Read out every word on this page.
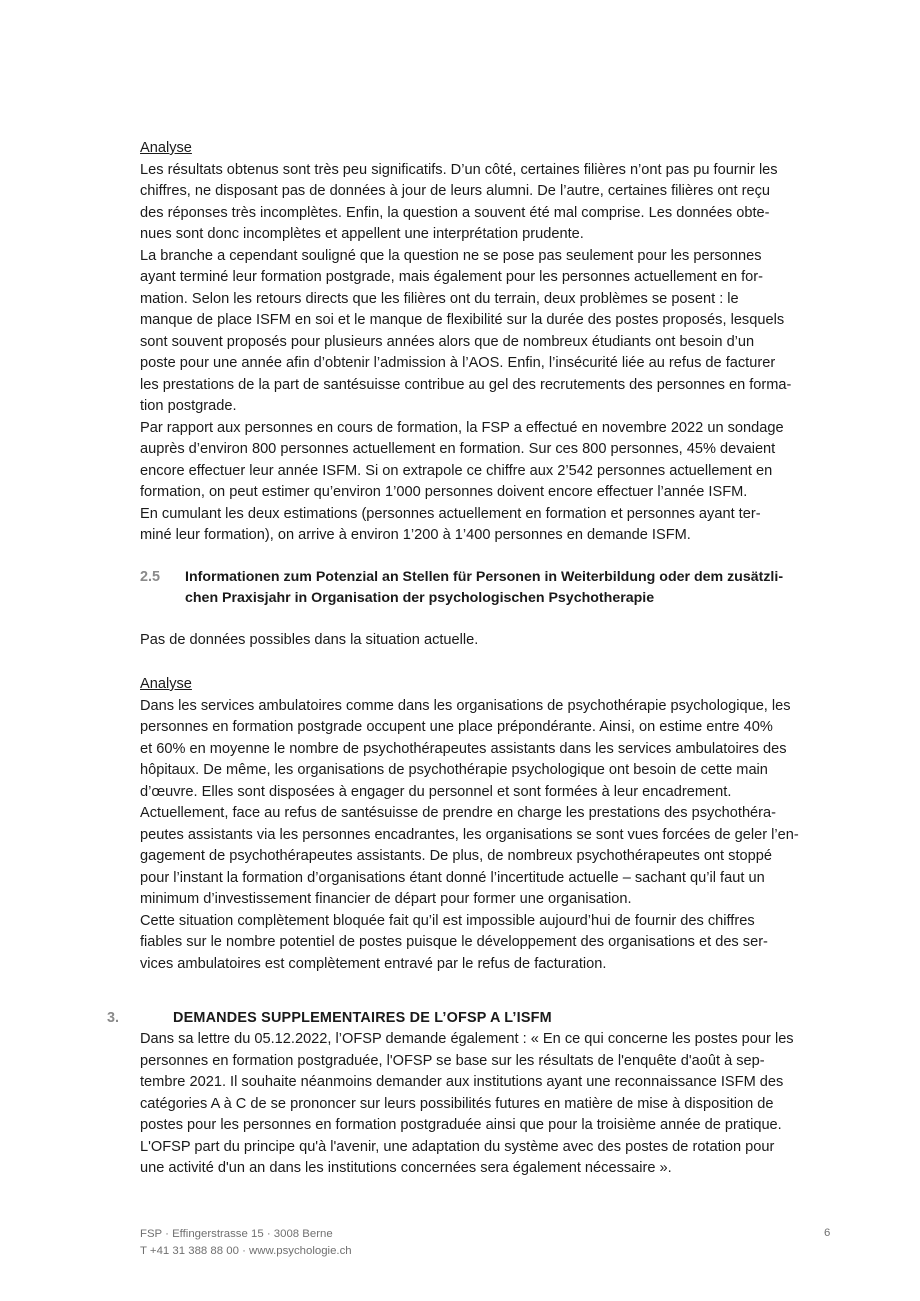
Analyse
Les résultats obtenus sont très peu significatifs. D’un côté, certaines filières n’ont pas pu fournir les
chiffres, ne disposant pas de données à jour de leurs alumni. De l’autre, certaines filières ont reçu
des réponses très incomplètes. Enfin, la question a souvent été mal comprise. Les données obte-
nues sont donc incomplètes et appellent une interprétation prudente.
La branche a cependant souligné que la question ne se pose pas seulement pour les personnes
ayant terminé leur formation postgrade, mais également pour les personnes actuellement en for-
mation. Selon les retours directs que les filières ont du terrain, deux problèmes se posent : le
manque de place ISFM en soi et le manque de flexibilité sur la durée des postes proposés, lesquels
sont souvent proposés pour plusieurs années alors que de nombreux étudiants ont besoin d’un
poste pour une année afin d’obtenir l’admission à l’AOS. Enfin, l’insécurité liée au refus de facturer
les prestations de la part de santésuisse contribue au gel des recrutements des personnes en forma-
tion postgrade.
Par rapport aux personnes en cours de formation, la FSP a effectué en novembre 2022 un sondage
auprès d’environ 800 personnes actuellement en formation. Sur ces 800 personnes, 45% devaient
encore effectuer leur année ISFM. Si on extrapole ce chiffre aux 2’542 personnes actuellement en
formation, on peut estimer qu’environ 1’000 personnes doivent encore effectuer l’année ISFM.
En cumulant les deux estimations (personnes actuellement en formation et personnes ayant ter-
miné leur formation), on arrive à environ 1’200 à 1’400 personnes en demande ISFM.
2.5	Informationen zum Potenzial an Stellen für Personen in Weiterbildung oder dem zusätzli-
chen Praxisjahr in Organisation der psychologischen Psychotherapie
Pas de données possibles dans la situation actuelle.
Analyse
Dans les services ambulatoires comme dans les organisations de psychothérapie psychologique, les
personnes en formation postgrade occupent une place prépondérante. Ainsi, on estime entre 40%
et 60% en moyenne le nombre de psychothérapeutes assistants dans les services ambulatoires des
hôpitaux. De même, les organisations de psychothérapie psychologique ont besoin de cette main
d’œuvre. Elles sont disposées à engager du personnel et sont formées à leur encadrement.
Actuellement, face au refus de santésuisse de prendre en charge les prestations des psychothéra-
peutes assistants via les personnes encadrantes, les organisations se sont vues forcées de geler l’en-
gagement de psychothérapeutes assistants. De plus, de nombreux psychothérapeutes ont stoppé
pour l’instant la formation d’organisations étant donné l’incertitude actuelle – sachant qu’il faut un
minimum d’investissement financier de départ pour former une organisation.
Cette situation complètement bloquée fait qu’il est impossible aujourd’hui de fournir des chiffres
fiables sur le nombre potentiel de postes puisque le développement des organisations et des ser-
vices ambulatoires est complètement entravé par le refus de facturation.
3.	DEMANDES SUPPLEMENTAIRES DE L’OFSP A L’ISFM
Dans sa lettre du 05.12.2022, l’OFSP demande également : « En ce qui concerne les postes pour les
personnes en formation postgraduée, l'OFSP se base sur les résultats de l'enquête d'août à sep-
tembre 2021. Il souhaite néanmoins demander aux institutions ayant une reconnaissance ISFM des
catégories A à C de se prononcer sur leurs possibilités futures en matière de mise à disposition de
postes pour les personnes en formation postgraduée ainsi que pour la troisième année de pratique.
L'OFSP part du principe qu'à l'avenir, une adaptation du système avec des postes de rotation pour
une activité d'un an dans les institutions concernées sera également nécessaire ».
FSP · Effingerstrasse 15 · 3008 Berne
T +41 31 388 88 00 · www.psychologie.ch
6
